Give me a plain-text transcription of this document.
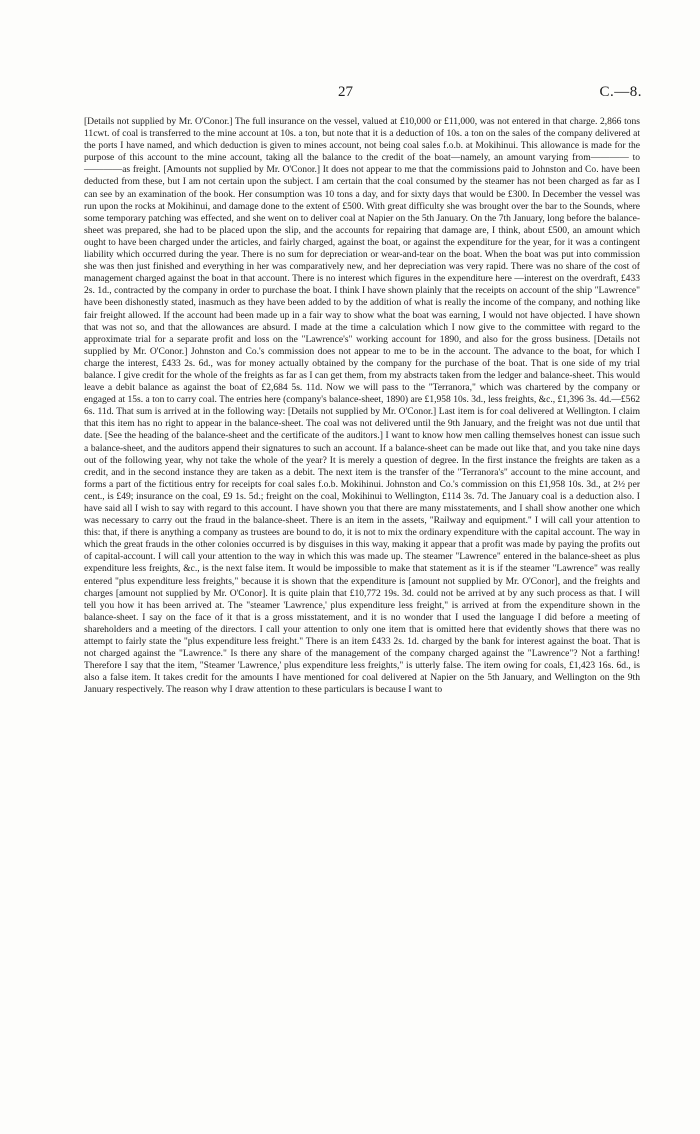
27	C.—8.

[Details not supplied by Mr. O'Conor.] The full insurance on the vessel, valued at £10,000 or £11,000, was not entered in that charge. 2,866 tons 11cwt. of coal is transferred to the mine account at 10s. a ton, but note that it is a deduction of 10s. a ton on the sales of the company delivered at the ports I have named, and which deduction is given to mines account, not being coal sales f.o.b. at Mokihinui. This allowance is made for the purpose of this account to the mine account, taking all the balance to the credit of the boat—namely, an amount varying from———— to————as freight. [Amounts not supplied by Mr. O'Conor.] It does not appear to me that the commissions paid to Johnston and Co. have been deducted from these, but I am not certain upon the subject. I am certain that the coal consumed by the steamer has not been charged as far as I can see by an examination of the book. Her consumption was 10 tons a day, and for sixty days that would be £300. In December the vessel was run upon the rocks at Mokihinui, and damage done to the extent of £500. With great difficulty she was brought over the bar to the Sounds, where some temporary patching was effected, and she went on to deliver coal at Napier on the 5th January. On the 7th January, long before the balance-sheet was prepared, she had to be placed upon the slip, and the accounts for repairing that damage are, I think, about £500, an amount which ought to have been charged under the articles, and fairly charged, against the boat, or against the expenditure for the year, for it was a contingent liability which occurred during the year. There is no sum for depreciation or wear-and-tear on the boat. When the boat was put into commission she was then just finished and everything in her was comparatively new, and her depreciation was very rapid. There was no share of the cost of management charged against the boat in that account. There is no interest which figures in the expenditure here —interest on the overdraft, £433 2s. 1d., contracted by the company in order to purchase the boat. I think I have shown plainly that the receipts on account of the ship "Lawrence" have been dishonestly stated, inasmuch as they have been added to by the addition of what is really the income of the company, and nothing like fair freight allowed. If the account had been made up in a fair way to show what the boat was earning, I would not have objected. I have shown that was not so, and that the allowances are absurd. I made at the time a calculation which I now give to the committee with regard to the approximate trial for a separate profit and loss on the "Lawrence's" working account for 1890, and also for the gross business. [Details not supplied by Mr. O'Conor.] Johnston and Co.'s commission does not appear to me to be in the account. The advance to the boat, for which I charge the interest, £433 2s. 6d., was for money actually obtained by the company for the purchase of the boat. That is one side of my trial balance. I give credit for the whole of the freights as far as I can get them, from my abstracts taken from the ledger and balance-sheet. This would leave a debit balance as against the boat of £2,684 5s. 11d. Now we will pass to the "Terranora," which was chartered by the company or engaged at 15s. a ton to carry coal. The entries here (company's balance-sheet, 1890) are £1,958 10s. 3d., less freights, &c., £1,396 3s. 4d.—£562 6s. 11d. That sum is arrived at in the following way: [Details not supplied by Mr. O'Conor.] Last item is for coal delivered at Wellington. I claim that this item has no right to appear in the balance-sheet. The coal was not delivered until the 9th January, and the freight was not due until that date. [See the heading of the balance-sheet and the certificate of the auditors.] I want to know how men calling themselves honest can issue such a balance-sheet, and the auditors append their signatures to such an account. If a balance-sheet can be made out like that, and you take nine days out of the following year, why not take the whole of the year? It is merely a question of degree. In the first instance the freights are taken as a credit, and in the second instance they are taken as a debit. The next item is the transfer of the "Terranora's" account to the mine account, and forms a part of the fictitious entry for receipts for coal sales f.o.b. Mokihinui. Johnston and Co.'s commission on this £1,958 10s. 3d., at 2½ per cent., is £49; insurance on the coal, £9 1s. 5d.; freight on the coal, Mokihinui to Wellington, £114 3s. 7d. The January coal is a deduction also. I have said all I wish to say with regard to this account. I have shown you that there are many misstatements, and I shall show another one which was necessary to carry out the fraud in the balance-sheet. There is an item in the assets, "Railway and equipment." I will call your attention to this: that, if there is anything a company as trustees are bound to do, it is not to mix the ordinary expenditure with the capital account. The way in which the great frauds in the other colonies occurred is by disguises in this way, making it appear that a profit was made by paying the profits out of capital-account. I will call your attention to the way in which this was made up. The steamer "Lawrence" entered in the balance-sheet as plus expenditure less freights, &c., is the next false item. It would be impossible to make that statement as it is if the steamer "Lawrence" was really entered "plus expenditure less freights," because it is shown that the expenditure is [amount not supplied by Mr. O'Conor], and the freights and charges [amount not supplied by Mr. O'Conor]. It is quite plain that £10,772 19s. 3d. could not be arrived at by any such process as that. I will tell you how it has been arrived at. The "steamer 'Lawrence,' plus expenditure less freight," is arrived at from the expenditure shown in the balance-sheet. I say on the face of it that is a gross misstatement, and it is no wonder that I used the language I did before a meeting of shareholders and a meeting of the directors. I call your attention to only one item that is omitted here that evidently shows that there was no attempt to fairly state the "plus expenditure less freight." There is an item £433 2s. 1d. charged by the bank for interest against the boat. That is not charged against the "Lawrence." Is there any share of the management of the company charged against the "Lawrence"? Not a farthing! Therefore I say that the item, "Steamer 'Lawrence,' plus expenditure less freights," is utterly false. The item owing for coals, £1,423 16s. 6d., is also a false item. It takes credit for the amounts I have mentioned for coal delivered at Napier on the 5th January, and Wellington on the 9th January respectively. The reason why I draw attention to these particulars is because I want to
